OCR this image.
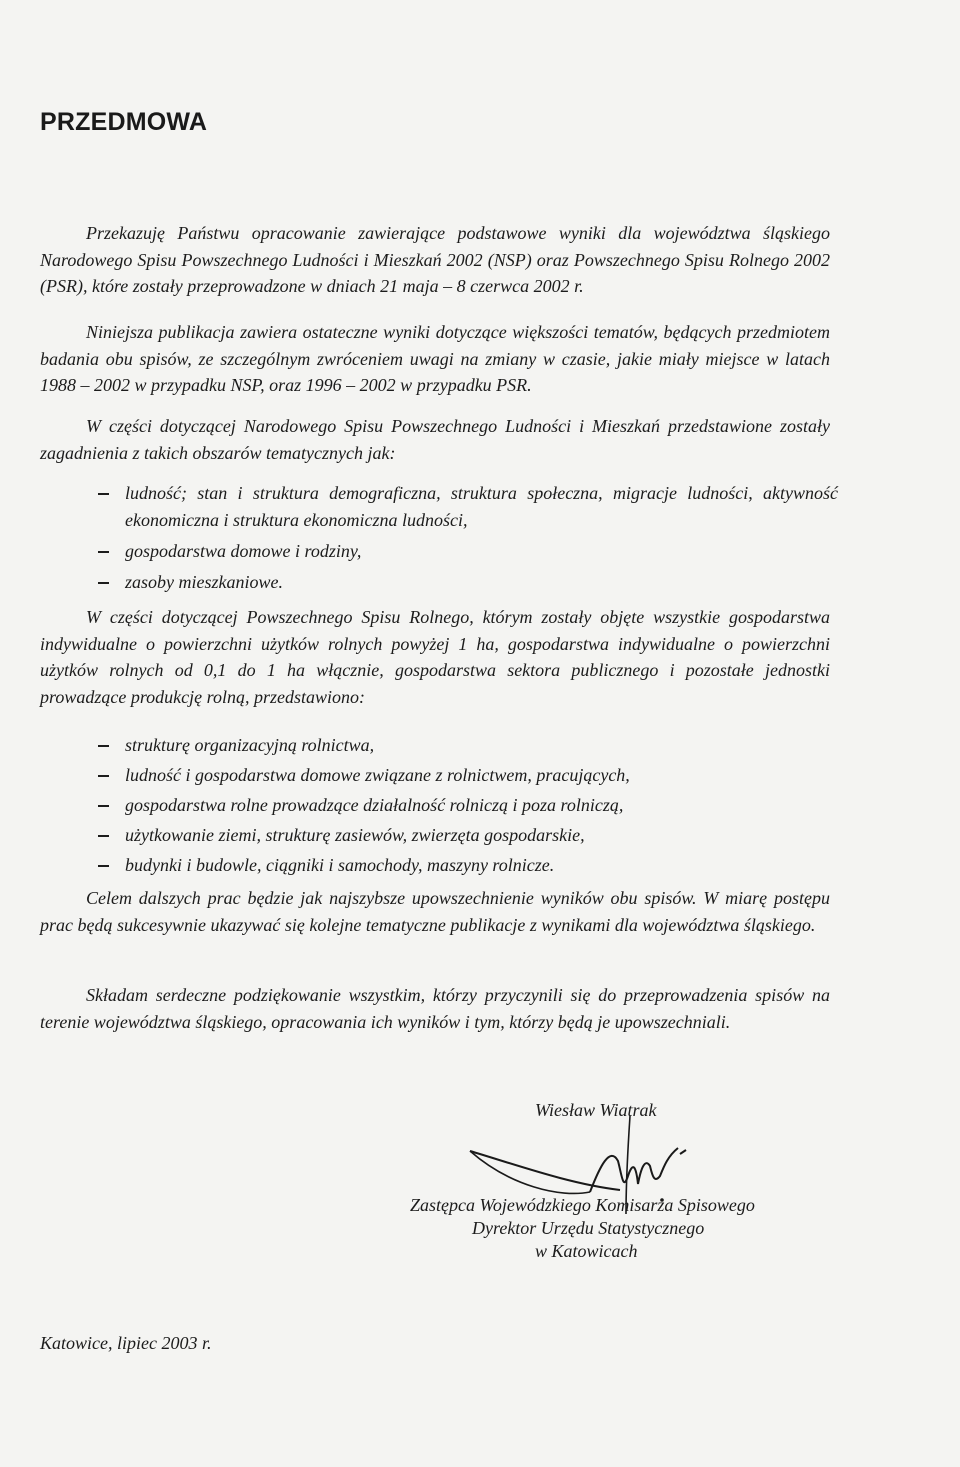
PRZEDMOWA

Przekazuję Państwu opracowanie zawierające podstawowe wyniki dla województwa śląskiego Narodowego Spisu Powszechnego Ludności i Mieszkań 2002 (NSP) oraz Powszechnego Spisu Rolnego 2002 (PSR), które zostały przeprowadzone w dniach 21 maja – 8 czerwca 2002 r.

Niniejsza publikacja zawiera ostateczne wyniki dotyczące większości tematów, będących przedmiotem badania obu spisów, ze szczególnym zwróceniem uwagi na zmiany w czasie, jakie miały miejsce w latach 1988 – 2002 w przypadku NSP, oraz 1996 – 2002 w przypadku PSR.

W części dotyczącej Narodowego Spisu Powszechnego Ludności i Mieszkań przedstawione zostały zagadnienia z takich obszarów tematycznych jak:

ludność; stan i struktura demograficzna, struktura społeczna, migracje ludności, aktywność ekonomiczna i struktura ekonomiczna ludności,
gospodarstwa domowe i rodziny,
zasoby mieszkaniowe.

W części dotyczącej Powszechnego Spisu Rolnego, którym zostały objęte wszystkie gospodarstwa indywidualne o powierzchni użytków rolnych powyżej 1 ha, gospodarstwa indywidualne o powierzchni użytków rolnych od 0,1 do 1 ha włącznie, gospodarstwa sektora publicznego i pozostałe jednostki prowadzące produkcję rolną, przedstawiono:

strukturę organizacyjną rolnictwa,
ludność i gospodarstwa domowe związane z rolnictwem, pracujących,
gospodarstwa rolne prowadzące działalność rolniczą i poza rolniczą,
użytkowanie ziemi, strukturę zasiewów, zwierzęta gospodarskie,
budynki i budowle, ciągniki i samochody, maszyny rolnicze.

Celem dalszych prac będzie jak najszybsze upowszechnienie wyników obu spisów. W miarę postępu prac będą sukcesywnie ukazywać się kolejne tematyczne publikacje z wynikami dla województwa śląskiego.

Składam serdeczne podziękowanie wszystkim, którzy przyczynili się do przeprowadzenia spisów na terenie województwa śląskiego, opracowania ich wyników i tym, którzy będą je upowszechniali.

Wiesław Wiatrak
Zastępca Wojewódzkiego Komisarza Spisowego
Dyrektor Urzędu Statystycznego
w Katowicach
Katowice, lipiec 2003 r.
